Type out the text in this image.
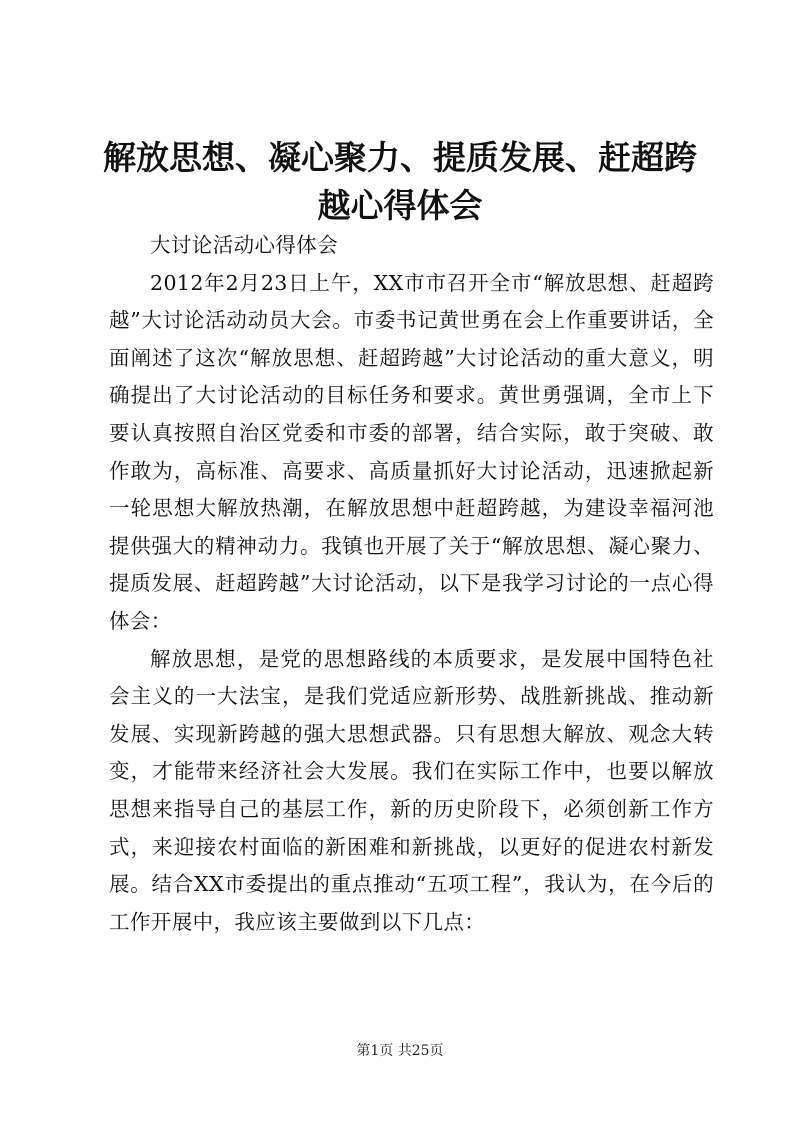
解放思想、凝心聚力、提质发展、赶超跨越心得体会

大讨论活动心得体会

2012年2月23日上午，XX市市召开全市“解放思想、赶超跨越”大讨论活动动员大会。市委书记黄世勇在会上作重要讲话，全面阐述了这次“解放思想、赶超跨越”大讨论活动的重大意义，明确提出了大讨论活动的目标任务和要求。黄世勇强调，全市上下要认真按照自治区党委和市委的部署，结合实际，敢于突破、敢作敢为，高标准、高要求、高质量抓好大讨论活动，迅速掀起新一轮思想大解放热潮，在解放思想中赶超跨越，为建设幸福河池提供强大的精神动力。我镇也开展了关于“解放思想、凝心聚力、提质发展、赶超跨越”大讨论活动，以下是我学习讨论的一点心得体会：

解放思想，是党的思想路线的本质要求，是发展中国特色社会主义的一大法宝，是我们党适应新形势、战胜新挑战、推动新发展、实现新跨越的强大思想武器。只有思想大解放、观念大转变，才能带来经济社会大发展。我们在实际工作中，也要以解放思想来指导自己的基层工作，新的历史阶段下，必须创新工作方式，来迎接农村面临的新困难和新挑战，以更好的促进农村新发展。结合XX市委提出的重点推动“五项工程”，我认为，在今后的工作开展中，我应该主要做到以下几点：

第1页 共25页
